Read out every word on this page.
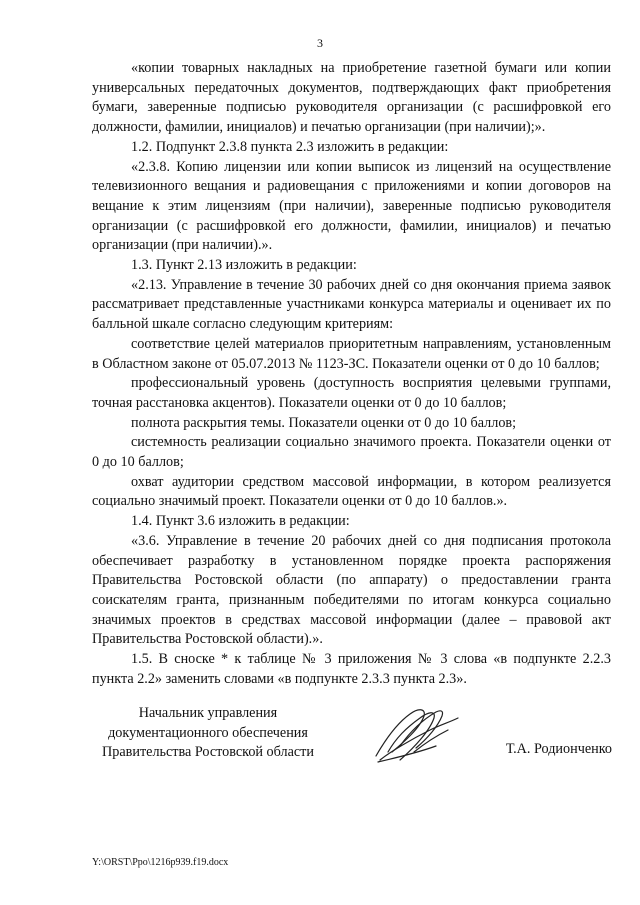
3

«копии товарных накладных на приобретение газетной бумаги или копии универсальных передаточных документов, подтверждающих факт приобретения бумаги, заверенные подписью руководителя организации (с расшифровкой его должности, фамилии, инициалов) и печатью организации (при наличии);».

1.2. Подпункт 2.3.8 пункта 2.3 изложить в редакции:

«2.3.8. Копию лицензии или копии выписок из лицензий на осуществление телевизионного вещания и радиовещания с приложениями и копии договоров на вещание к этим лицензиям (при наличии), заверенные подписью руководителя организации (с расшифровкой его должности, фамилии, инициалов) и печатью организации (при наличии).».

1.3. Пункт 2.13 изложить в редакции:

«2.13. Управление в течение 30 рабочих дней со дня окончания приема заявок рассматривает представленные участниками конкурса материалы и оценивает их по балльной шкале согласно следующим критериям:

соответствие целей материалов приоритетным направлениям, установленным в Областном законе от 05.07.2013 № 1123-ЗС. Показатели оценки от 0 до 10 баллов;

профессиональный уровень (доступность восприятия целевыми группами, точная расстановка акцентов). Показатели оценки от 0 до 10 баллов;

полнота раскрытия темы. Показатели оценки от 0 до 10 баллов;

системность реализации социально значимого проекта. Показатели оценки от 0 до 10 баллов;

охват аудитории средством массовой информации, в котором реализуется социально значимый проект. Показатели оценки от 0 до 10 баллов.».

1.4. Пункт 3.6 изложить в редакции:

«3.6. Управление в течение 20 рабочих дней со дня подписания протокола обеспечивает разработку в установленном порядке проекта распоряжения Правительства Ростовской области (по аппарату) о предоставлении гранта соискателям гранта, признанным победителями по итогам конкурса социально значимых проектов в средствах массовой информации (далее – правовой акт Правительства Ростовской области).».

1.5. В сноске * к таблице № 3 приложения № 3 слова «в подпункте 2.2.3 пункта 2.2» заменить словами «в подпункте 2.3.3 пункта 2.3».

Начальник управления
документационного обеспечения
Правительства Ростовской области	Т.А. Родионченко
Y:\ORST\Ppo\1216p939.f19.docx
